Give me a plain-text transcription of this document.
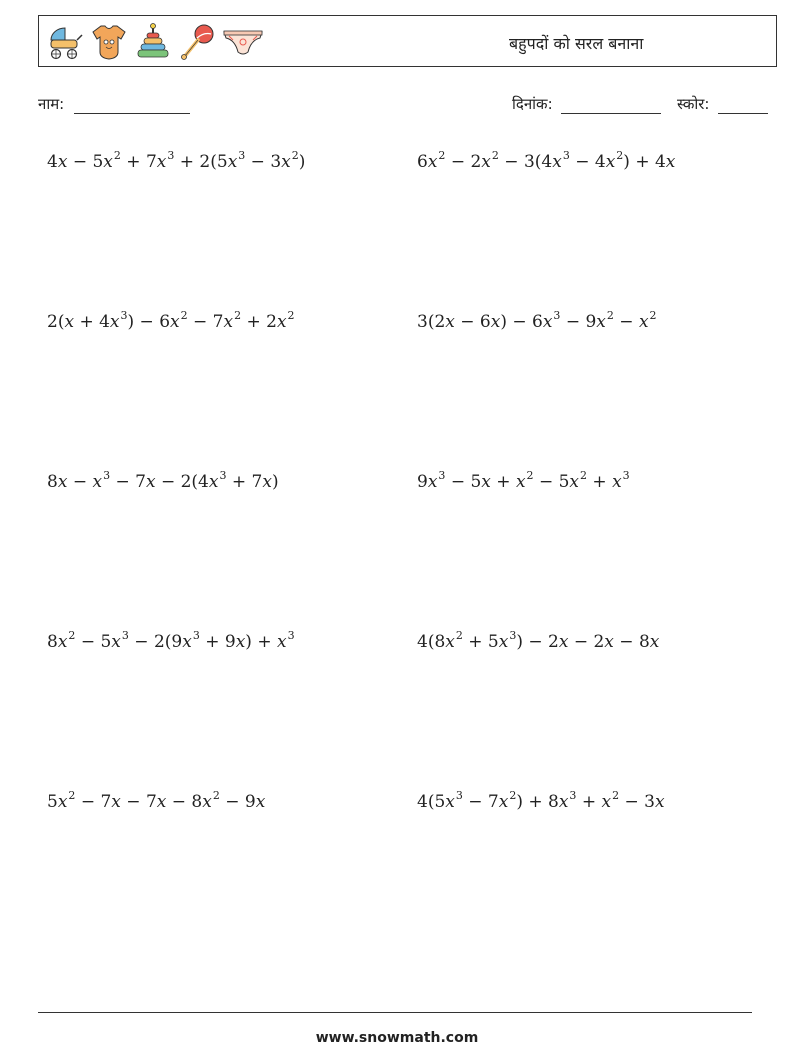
बहुपदों को सरल बनाना
नाम:	दिनांक:	स्कोर:
$4x - 5x^2 + 7x^3 + 2(5x^3 - 3x^2)$	$6x^2 - 2x^2 - 3(4x^3 - 4x^2) + 4x$
$2(x + 4x^3) - 6x^2 - 7x^2 + 2x^2$	$3(2x - 6x) - 6x^3 - 9x^2 - x^2$
$8x - x^3 - 7x - 2(4x^3 + 7x)$	$9x^3 - 5x + x^2 - 5x^2 + x^3$
$8x^2 - 5x^3 - 2(9x^3 + 9x) + x^3$	$4(8x^2 + 5x^3) - 2x - 2x - 8x$
$5x^2 - 7x - 7x - 8x^2 - 9x$	$4(5x^3 - 7x^2) + 8x^3 + x^2 - 3x$
www.snowmath.com
